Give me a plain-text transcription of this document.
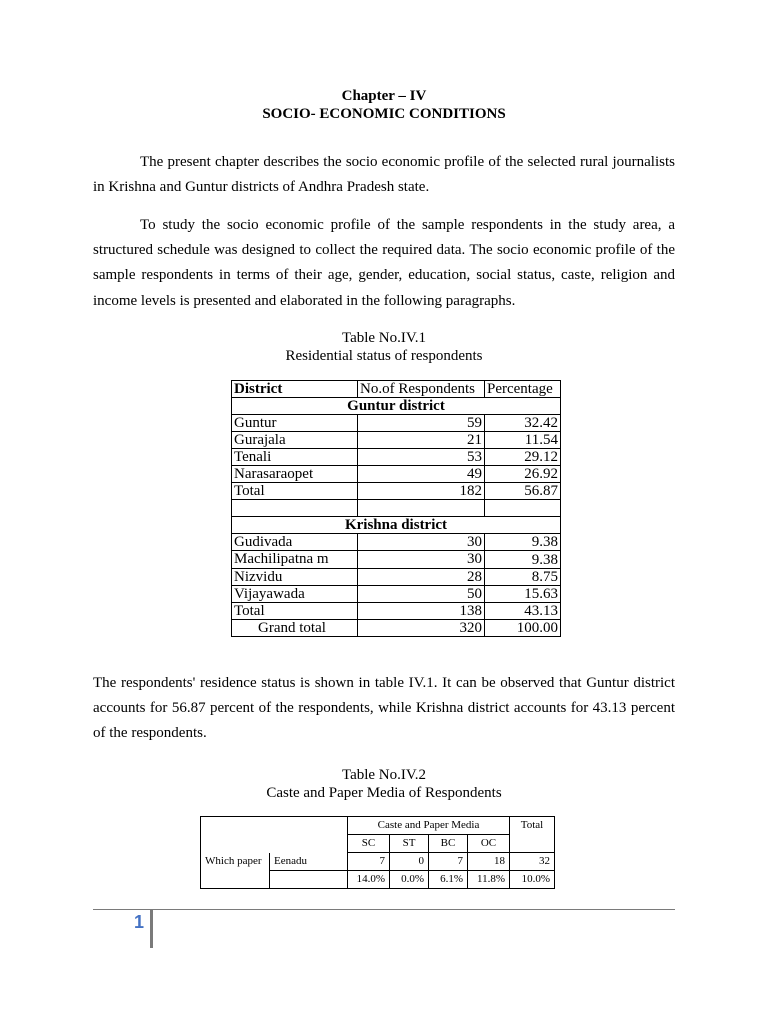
Chapter – IV
SOCIO- ECONOMIC CONDITIONS

The present chapter describes the socio economic profile of the selected rural journalists in Krishna and Guntur districts of Andhra Pradesh state.

To study the socio economic profile of the sample respondents in the study area, a structured schedule was designed to collect the required data. The socio economic profile of the sample respondents in terms of their age, gender, education, social status, caste, religion and income levels is presented and elaborated in the following paragraphs.

Table No.IV.1
Residential status of respondents
District	No.of Respondents	Percentage
Guntur district		
Guntur	59	32.42
Gurajala	21	11.54
Tenali	53	29.12
Narasaraopet	49	26.92
Total	182	56.87

Krishna district		
Gudivada	30	9.38
Machilipatna m	30	9.38
Nizvidu	28	8.75
Vijayawada	50	15.63
Total	138	43.13
Grand total	320	100.00

The respondents' residence status is shown in table IV.1. It can be observed that Guntur district accounts for 56.87 percent of the respondents, while Krishna district accounts for 43.13 percent of the respondents.

Table No.IV.2
Caste and Paper Media of Respondents
		Caste and Paper Media				Total
		SC	ST	BC	OC	
Which paper	Eenadu	7	0	7	18	32
		14.0%	0.0%	6.1%	11.8%	10.0%
1
